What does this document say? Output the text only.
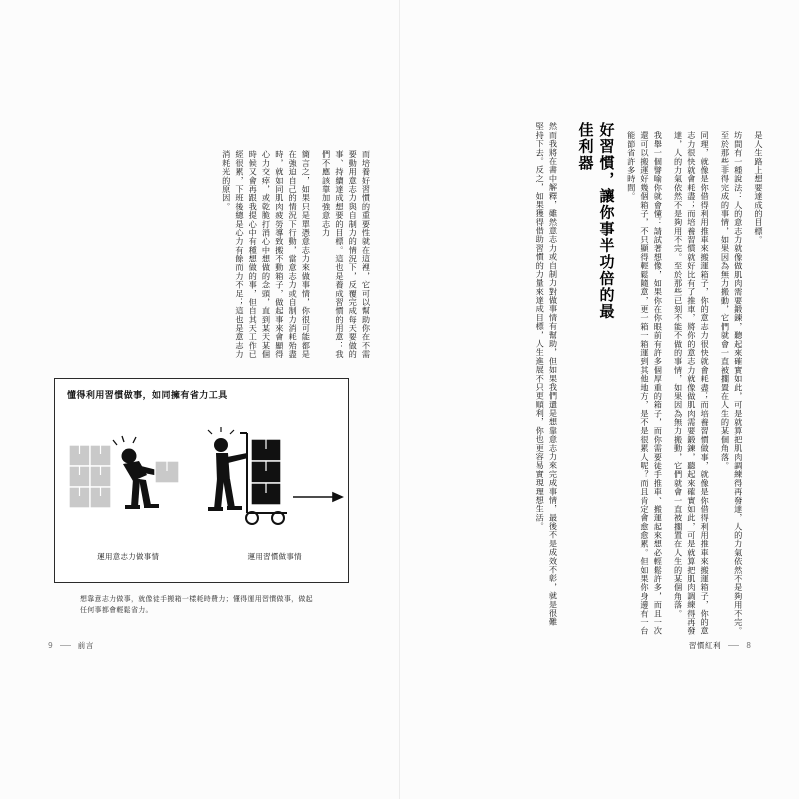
簡言之，如果只是單憑意志力來做事情，你很可能都是在強迫自己的情況下行動，當意志力或自制力消耗殆盡時，就如同肌肉疲勞導致搬不動箱子，做起事來會顯得心力交瘁，或乾脆打消心中想做的念頭，直到某天某個時候又會再跟我提心中有種想做的事，但自其天工作已經很累，下班後總是心力有餘而力不足；這也是意志力消耗光的原因。	而培養好習慣的重要性就在這裡，它可以幫助你在不需要動用意志力與自制力的情況下，反覆完成每天要做的事、持續達成想要的目標。這也是養成習慣的用意：我們不應該靠加強意志力
懂得利用習慣做事，如同擁有省力工具
運用意志力做事情	運用習慣做事情
想靠意志力做事，就像徒手搬箱一樣耗時費力；懂得運用習慣做事，做起任何事都會輕鬆省力。
9	前言
然而我將在書中解釋，雖然意志力或自制力對做事情有幫助，但如果我們還是想靠意志力來完成事情，最後不是成效不彰，就是很難堅持下去。反之，如果獲得借助習慣的力量來達成目標，人生進展不只更順利，你也更容易實現理想生活。	好習慣，讓你事半功倍的最佳利器	我舉一個譬喻你就會懂：請試著想像，如果你在你眼前有許多個厚重的箱子，而你需要徒手推車、搬運起來想必輕鬆許多，而且一次還可以搬運好幾個箱子，不只顯得輕鬆隨意，更一箱一箱運到其他地方，是不是很累人呢？而且肯定會愈愈累。但如果你身邊有一台能節省許多時間。	同理，就像是你借得利用推車來搬運箱子，你的意志力很快就會耗盡；而培養習慣做事，就像是你借得利用推車來搬運箱子，你的意志力很快就會耗盡；而培養習慣就好比有了推車，將你的意志力就像做肌肉需要鍛鍊，聽起來確實如此，可是就算把肌肉調練得再發達，人的力氣依然不是夠用不完。至於那些已刻不能不做的事情，如果因為無力搬動，它們就會一直被擱置在人生的某個角落。	坊間有一種說法：人的意志力就像做肌肉需要鍛鍊，聽起來確實如此，可是就算把肌肉調練得再發達，人的力氣依然不是夠用不完。至於那些非得完成的事情，如果因為無力搬動，它們就會一直被擱置在人生的某個角落。	是人生路上想要達成的目標。
習慣紅利	8
